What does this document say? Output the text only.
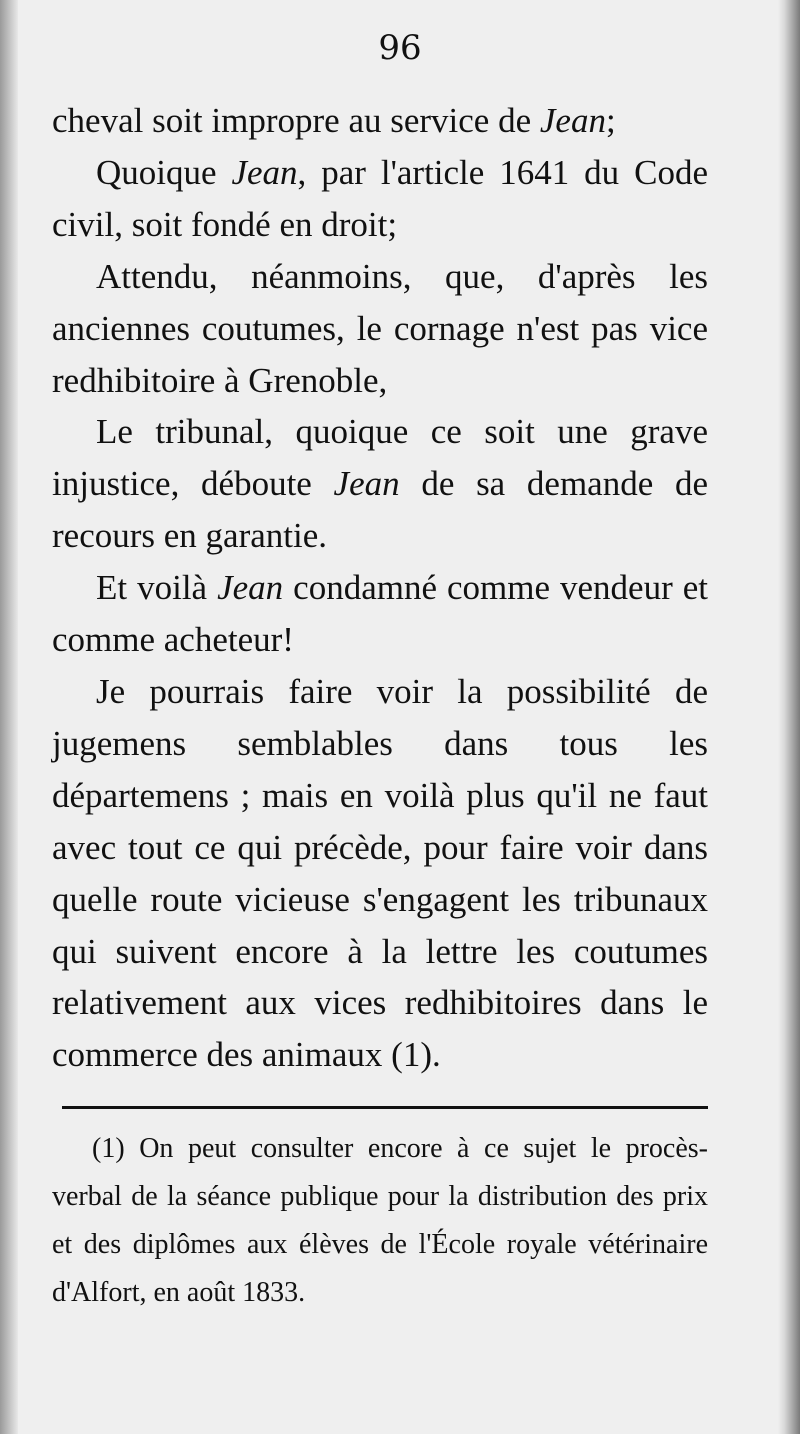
96

cheval soit impropre au service de Jean;

Quoique Jean, par l'article 1641 du Code civil, soit fondé en droit;

Attendu, néanmoins, que, d'après les anciennes coutumes, le cornage n'est pas vice redhibitoire à Grenoble,

Le tribunal, quoique ce soit une grave injustice, déboute Jean de sa demande de recours en garantie.

Et voilà Jean condamné comme vendeur et comme acheteur!

Je pourrais faire voir la possibilité de jugemens semblables dans tous les départemens ; mais en voilà plus qu'il ne faut avec tout ce qui précède, pour faire voir dans quelle route vicieuse s'engagent les tribunaux qui suivent encore à la lettre les coutumes relativement aux vices redhibitoires dans le commerce des animaux (1).

(1) On peut consulter encore à ce sujet le procès-verbal de la séance publique pour la distribution des prix et des diplômes aux élèves de l'École royale vétérinaire d'Alfort, en août 1833.
